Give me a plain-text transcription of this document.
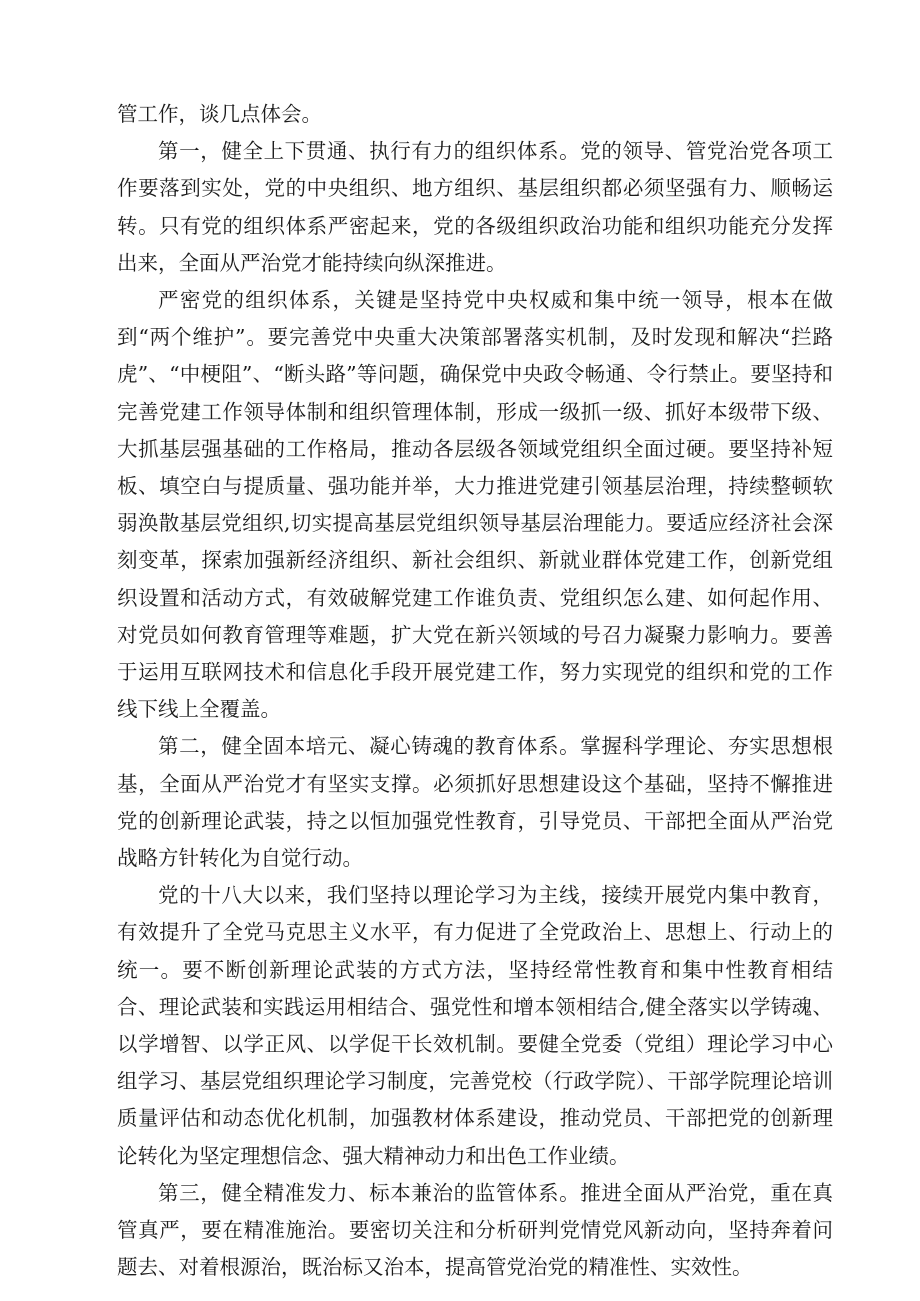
管工作，谈几点体会。

第一，健全上下贯通、执行有力的组织体系。党的领导、管党治党各项工作要落到实处，党的中央组织、地方组织、基层组织都必须坚强有力、顺畅运转。只有党的组织体系严密起来，党的各级组织政治功能和组织功能充分发挥出来，全面从严治党才能持续向纵深推进。

严密党的组织体系，关键是坚持党中央权威和集中统一领导，根本在做到“两个维护”。要完善党中央重大决策部署落实机制，及时发现和解决“拦路虎”、“中梗阻”、“断头路”等问题，确保党中央政令畅通、令行禁止。要坚持和完善党建工作领导体制和组织管理体制，形成一级抓一级、抓好本级带下级、大抓基层强基础的工作格局，推动各层级各领域党组织全面过硬。要坚持补短板、填空白与提质量、强功能并举，大力推进党建引领基层治理，持续整顿软弱涣散基层党组织,切实提高基层党组织领导基层治理能力。要适应经济社会深刻变革，探索加强新经济组织、新社会组织、新就业群体党建工作，创新党组织设置和活动方式，有效破解党建工作谁负责、党组织怎么建、如何起作用、对党员如何教育管理等难题，扩大党在新兴领域的号召力凝聚力影响力。要善于运用互联网技术和信息化手段开展党建工作，努力实现党的组织和党的工作线下线上全覆盖。

第二，健全固本培元、凝心铸魂的教育体系。掌握科学理论、夯实思想根基，全面从严治党才有坚实支撑。必须抓好思想建设这个基础，坚持不懈推进党的创新理论武装，持之以恒加强党性教育，引导党员、干部把全面从严治党战略方针转化为自觉行动。

党的十八大以来，我们坚持以理论学习为主线，接续开展党内集中教育，有效提升了全党马克思主义水平，有力促进了全党政治上、思想上、行动上的统一。要不断创新理论武装的方式方法，坚持经常性教育和集中性教育相结合、理论武装和实践运用相结合、强党性和增本领相结合,健全落实以学铸魂、以学增智、以学正风、以学促干长效机制。要健全党委（党组）理论学习中心组学习、基层党组织理论学习制度，完善党校（行政学院）、干部学院理论培训质量评估和动态优化机制，加强教材体系建设，推动党员、干部把党的创新理论转化为坚定理想信念、强大精神动力和出色工作业绩。

第三，健全精准发力、标本兼治的监管体系。推进全面从严治党，重在真管真严，要在精准施治。要密切关注和分析研判党情党风新动向，坚持奔着问题去、对着根源治，既治标又治本，提高管党治党的精准性、实效性。
